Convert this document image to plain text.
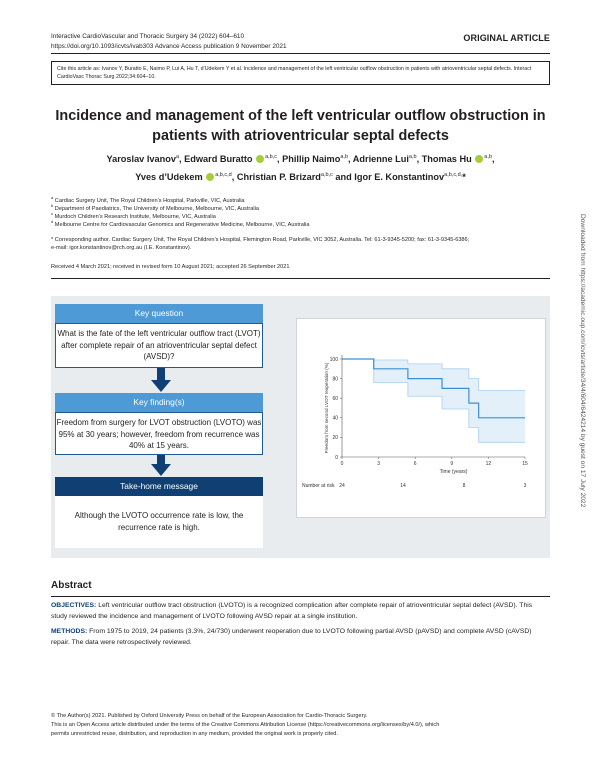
Interactive CardioVascular and Thoracic Surgery 34 (2022) 604–610
https://doi.org/10.1093/icvts/ivab303 Advance Access publication 9 November 2021
ORIGINAL ARTICLE
Cite this article as: Ivanov Y, Buratto E, Naimo P, Lui A, Hu T, d’Udekem Y et al. Incidence and management of the left ventricular outflow obstruction in patients with atrioventricular septal defects. Interact CardioVasc Thorac Surg 2022;34:604–10.
Incidence and management of the left ventricular outflow obstruction in patients with atrioventricular septal defects
Yaroslav Ivanov$^a$, Edward Buratto $^{a,b,c}$, Phillip Naimo$^{a,b}$, Adrienne Lui$^{a,b}$, Thomas Hu $^{a,b}$,
Yves d’Udekem $^{a,b,c,d}$, Christian P. Brizard$^{a,b,c}$ and Igor E. Konstantinov$^{a,b,c,d,}$*
$^a$ Cardiac Surgery Unit, The Royal Children’s Hospital, Parkville, VIC, Australia
$^b$ Department of Paediatrics, The University of Melbourne, Melbourne, VIC, Australia
$^c$ Murdoch Children’s Research Institute, Melbourne, VIC, Australia
$^d$ Melbourne Centre for Cardiovascular Genomics and Regenerative Medicine, Melbourne, VIC, Australia
* Corresponding author. Cardiac Surgery Unit, The Royal Children’s Hospital, Flemington Road, Parkville, VIC 3052, Australia. Tel: 61-3-9345-5200; fax: 61-3-9345-6386;
e-mail: igor.konstantinov@rch.org.au (I.E. Konstantinov).
Received 4 March 2021; received in revised form 10 August 2021; accepted 26 September 2021
Key question
What is the fate of the left ventricular outflow tract (LVOT) after complete repair of an atrioventricular septal defect (AVSD)?
Key finding(s)
Freedom from surgery for LVOT obstruction (LVOTO) was 95% at 30 years; however, freedom from recurrence was 40% at 15 years.
Take-home message
Although the LVOTO occurrence rate is low, the recurrence rate is high.
0
20
40
60
80
100
0	3	6	9	12	15
Time (years)
Freedom from second LVOT reoperation (%)
Number at risk 24	14	8	3
Abstract
OBJECTIVES: Left ventricular outflow tract obstruction (LVOTO) is a recognized complication after complete repair of atrioventricular septal defect (AVSD). This study reviewed the incidence and management of LVOTO following AVSD repair at a single institution.
METHODS: From 1975 to 2019, 24 patients (3.3%, 24/730) underwent reoperation due to LVOTO following partial AVSD (pAVSD) and complete AVSD (cAVSD) repair. The data were retrospectively reviewed.
© The Author(s) 2021. Published by Oxford University Press on behalf of the European Association for Cardio-Thoracic Surgery.
This is an Open Access article distributed under the terms of the Creative Commons Attribution License (https://creativecommons.org/licenses/by/4.0/), which
permits unrestricted reuse, distribution, and reproduction in any medium, provided the original work is properly cited.
Downloaded from https://academic.oup.com/icvts/article/34/4/604/6424214 by guest on 17 July 2022
